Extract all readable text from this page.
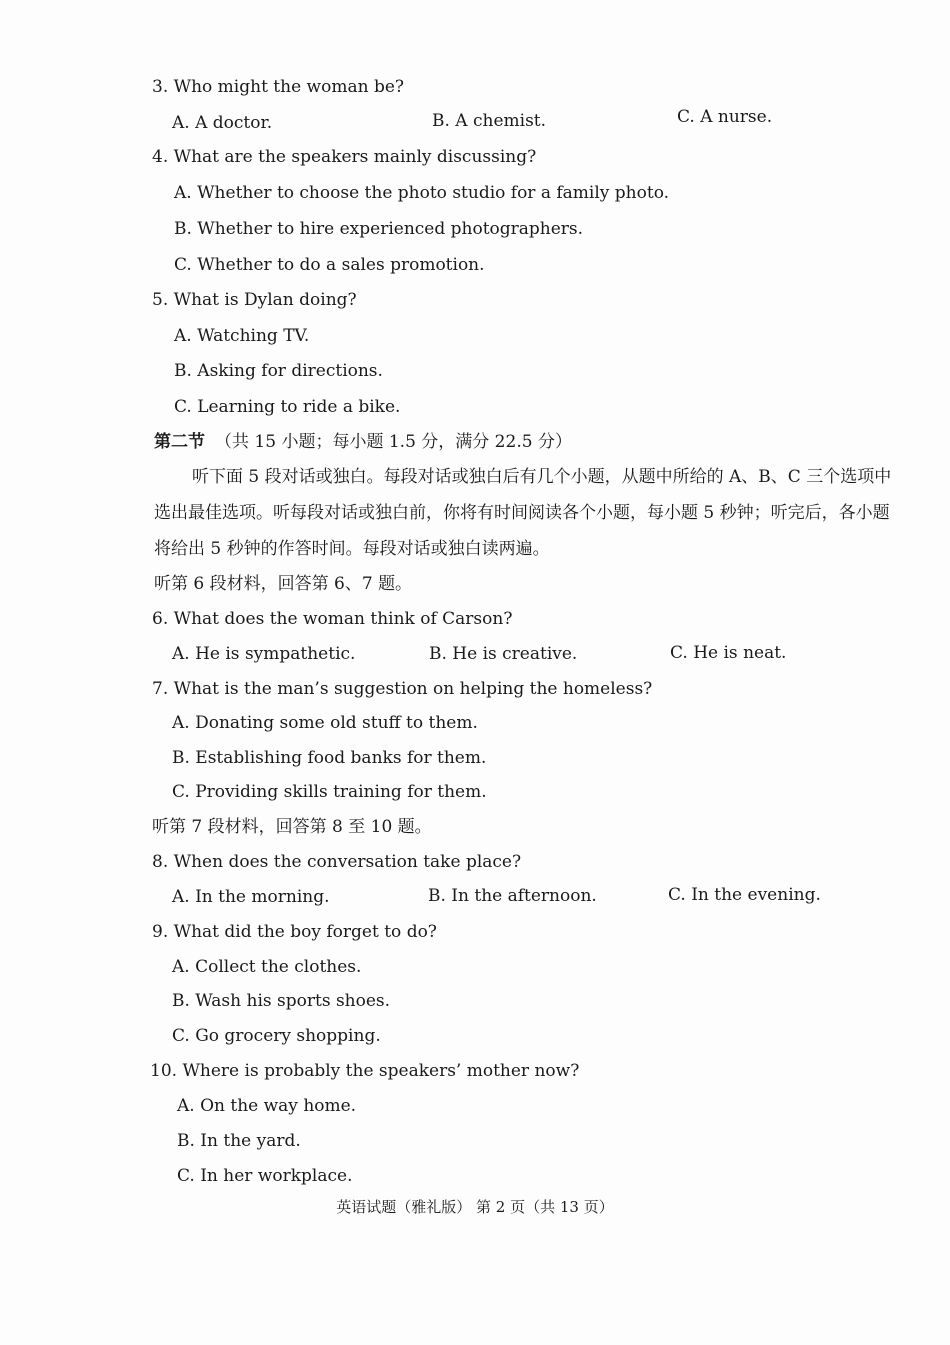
3. Who might the woman be?
A. A doctor.	B. A chemist.	C. A nurse.
4. What are the speakers mainly discussing?
A. Whether to choose the photo studio for a family photo.
B. Whether to hire experienced photographers.
C. Whether to do a sales promotion.
5. What is Dylan doing?
A. Watching TV.
B. Asking for directions.
C. Learning to ride a bike.
第二节 （共 15 小题；每小题 1.5 分，满分 22.5 分）
听下面 5 段对话或独白。每段对话或独白后有几个小题，从题中所给的 A、B、C 三个选项中
选出最佳选项。听每段对话或独白前，你将有时间阅读各个小题，每小题 5 秒钟；听完后，各小题
将给出 5 秒钟的作答时间。每段对话或独白读两遍。
听第 6 段材料，回答第 6、7 题。
6. What does the woman think of Carson?
A. He is sympathetic.	B. He is creative.	C. He is neat.
7. What is the man’s suggestion on helping the homeless?
A. Donating some old stuff to them.
B. Establishing food banks for them.
C. Providing skills training for them.
听第 7 段材料，回答第 8 至 10 题。
8. When does the conversation take place?
A. In the morning.	B. In the afternoon.	C. In the evening.
9. What did the boy forget to do?
A. Collect the clothes.
B. Wash his sports shoes.
C. Go grocery shopping.
10. Where is probably the speakers’ mother now?
A. On the way home.
B. In the yard.
C. In her workplace.
英语试题（雅礼版） 第 2 页（共 13 页）
